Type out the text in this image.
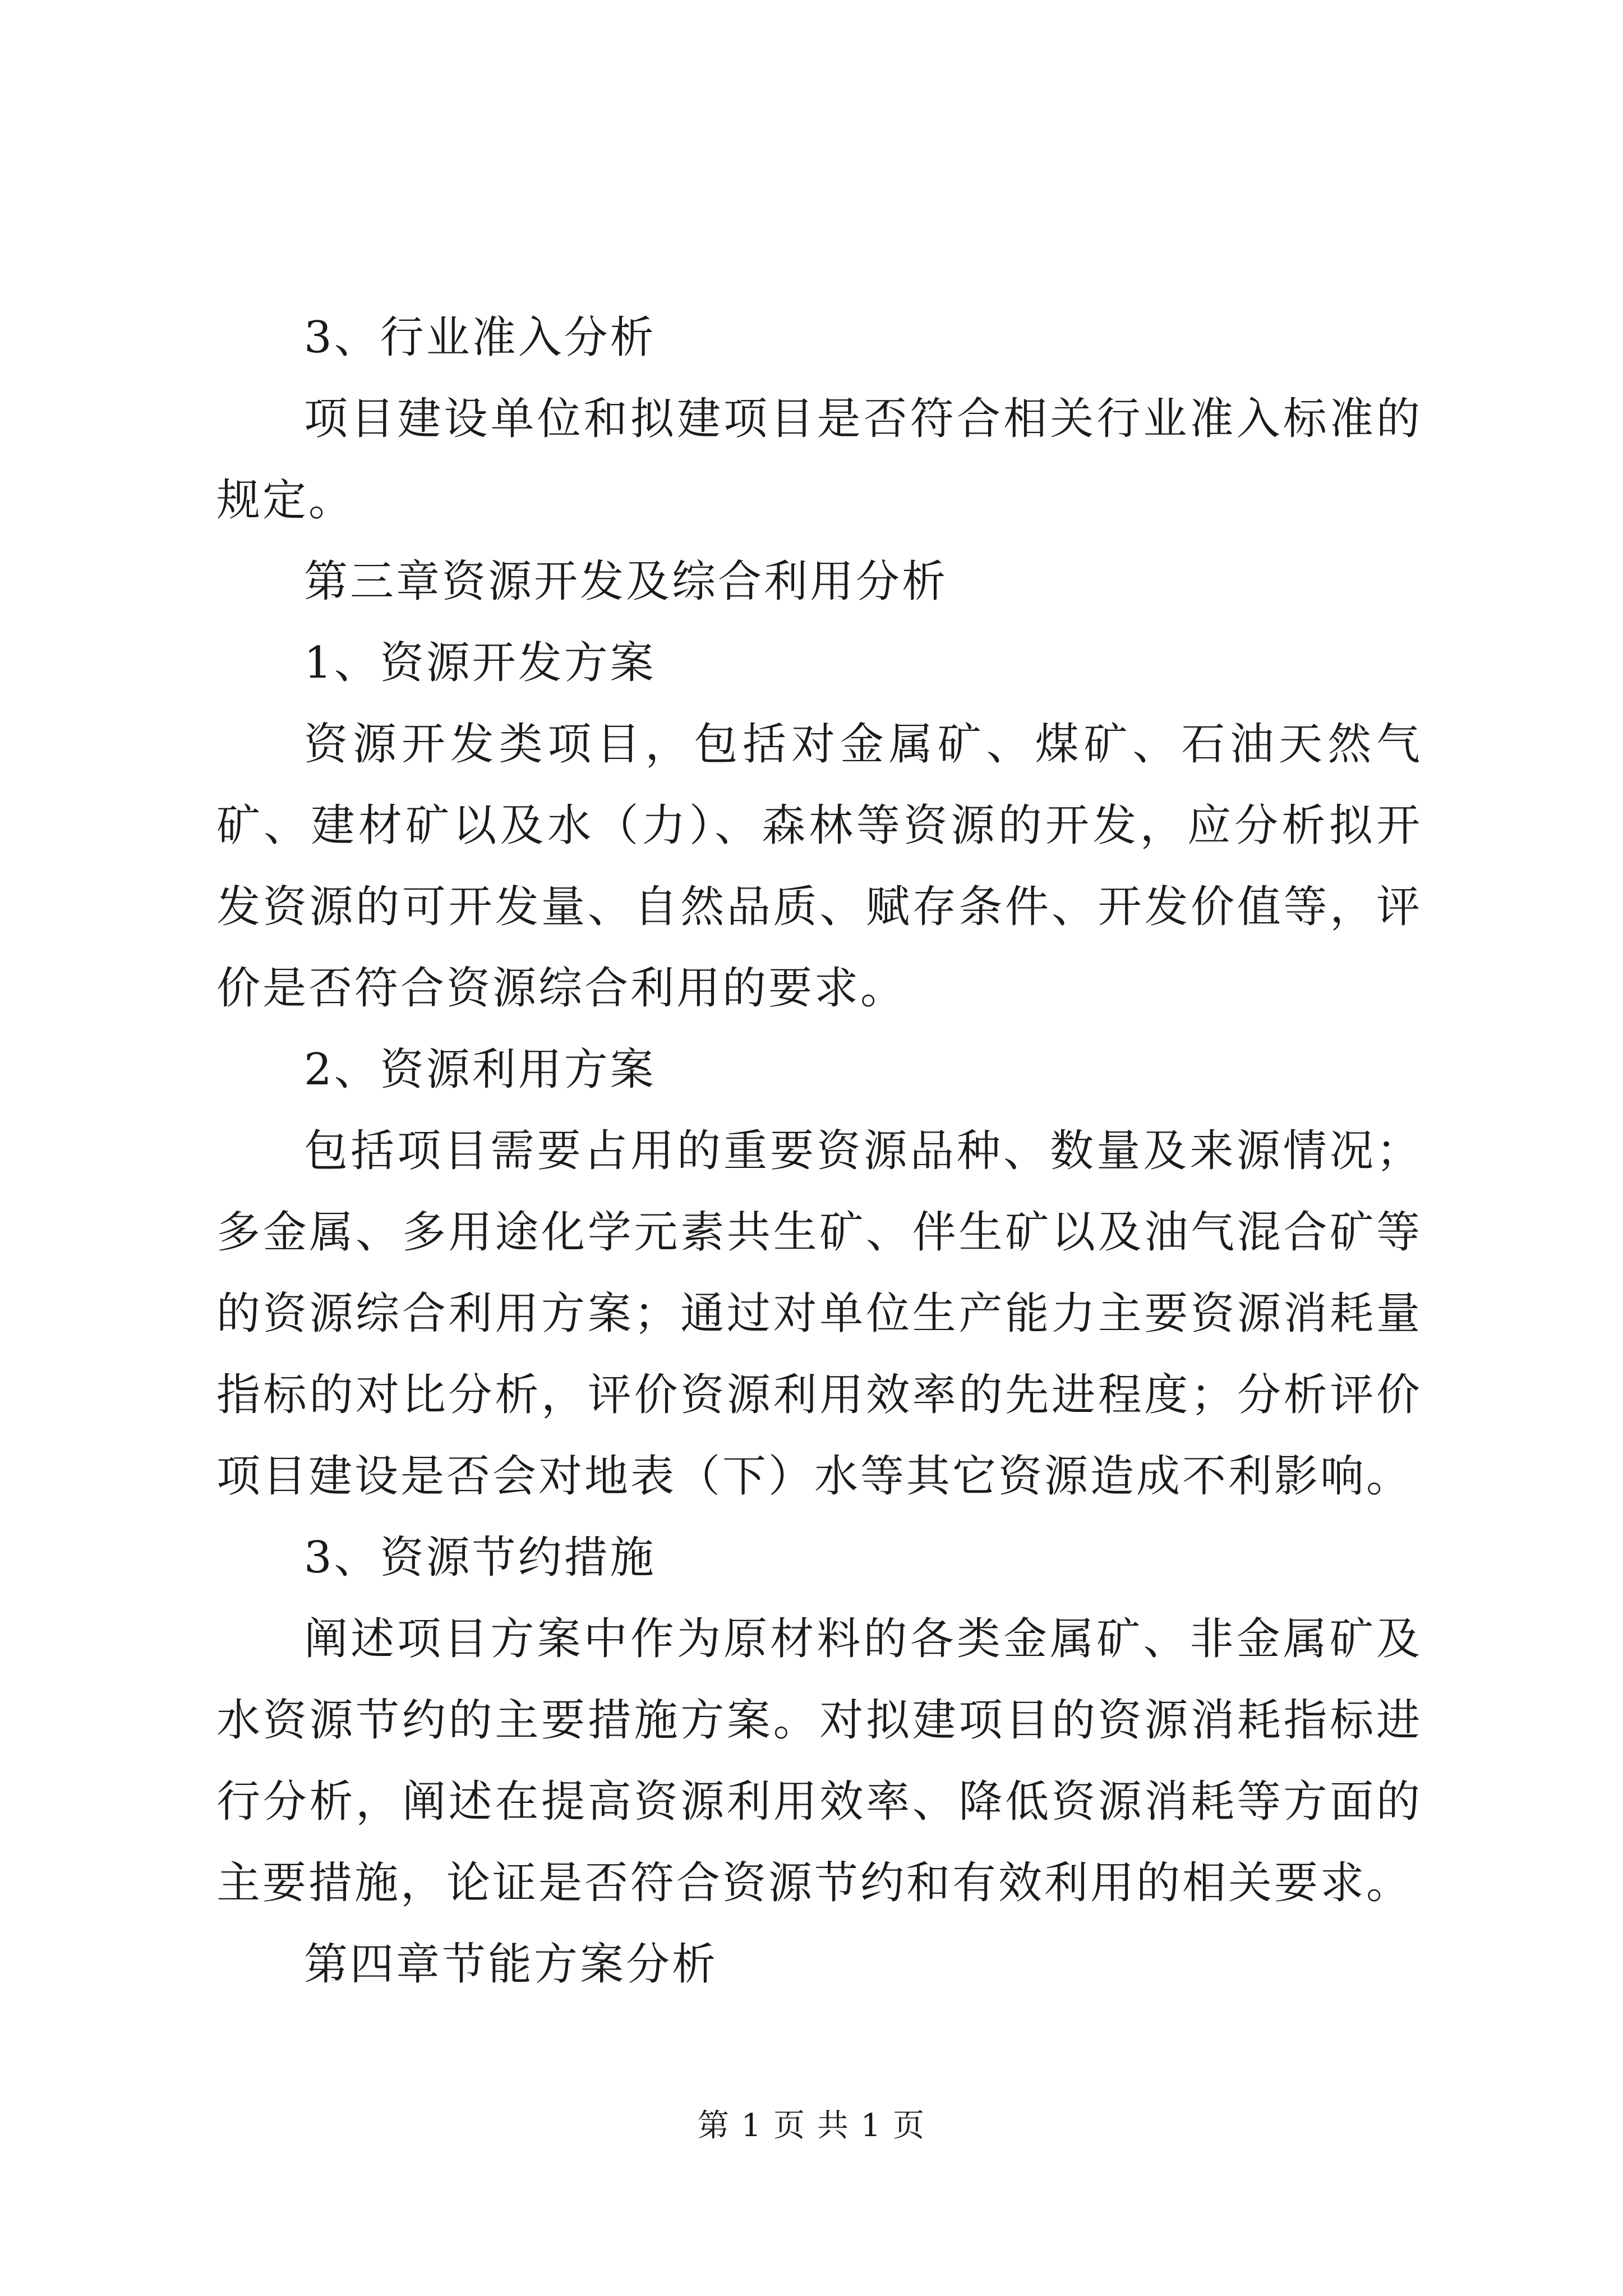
3、行业准入分析

项目建设单位和拟建项目是否符合相关行业准入标准的规定。

第三章资源开发及综合利用分析

1、资源开发方案

资源开发类项目，包括对金属矿、煤矿、石油天然气矿、建材矿以及水（力）、森林等资源的开发，应分析拟开发资源的可开发量、自然品质、赋存条件、开发价值等，评价是否符合资源综合利用的要求。

2、资源利用方案

包括项目需要占用的重要资源品种、数量及来源情况；多金属、多用途化学元素共生矿、伴生矿以及油气混合矿等的资源综合利用方案；通过对单位生产能力主要资源消耗量指标的对比分析，评价资源利用效率的先进程度；分析评价项目建设是否会对地表（下）水等其它资源造成不利影响。

3、资源节约措施

阐述项目方案中作为原材料的各类金属矿、非金属矿及水资源节约的主要措施方案。对拟建项目的资源消耗指标进行分析，阐述在提高资源利用效率、降低资源消耗等方面的主要措施，论证是否符合资源节约和有效利用的相关要求。

第四章节能方案分析

第 1 页 共 1 页
